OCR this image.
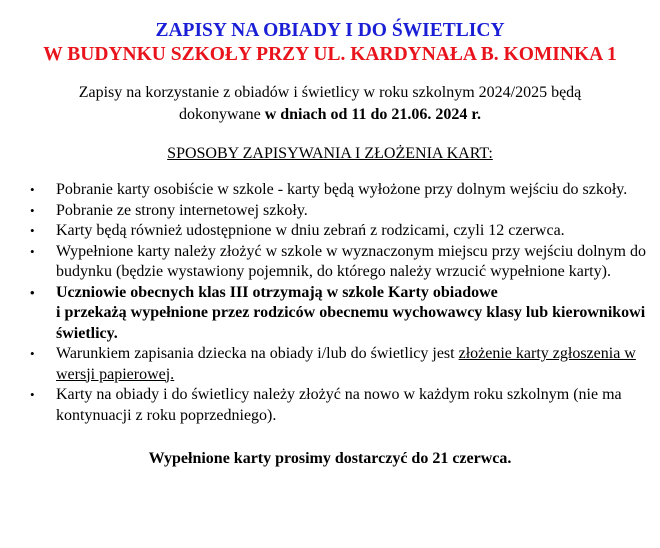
ZAPISY NA OBIADY I DO ŚWIETLICY

W BUDYNKU SZKOŁY PRZY UL. KARDYNAŁA B. KOMINKA 1

Zapisy na korzystanie z obiadów i świetlicy w roku szkolnym 2024/2025 będą
dokonywane w dniach od 11 do 21.06. 2024 r.

SPOSOBY ZAPISYWANIA I ZŁOŻENIA KART:

• Pobranie karty osobiście w szkole - karty będą wyłożone przy dolnym wejściu do szkoły.
• Pobranie ze strony internetowej szkoły.
• Karty będą również udostępnione w dniu zebrań z rodzicami, czyli 12 czerwca.
• Wypełnione karty należy złożyć w szkole w wyznaczonym miejscu przy wejściu dolnym do budynku (będzie wystawiony pojemnik, do którego należy wrzucić wypełnione karty).
• Uczniowie obecnych klas III otrzymają w szkole Karty obiadowe
i przekażą wypełnione przez rodziców obecnemu wychowawcy klasy lub kierownikowi świetlicy.
• Warunkiem zapisania dziecka na obiady i/lub do świetlicy jest złożenie karty zgłoszenia w wersji papierowej.
• Karty na obiady i do świetlicy należy złożyć na nowo w każdym roku szkolnym (nie ma kontynuacji z roku poprzedniego).

Wypełnione karty prosimy dostarczyć do 21 czerwca.
